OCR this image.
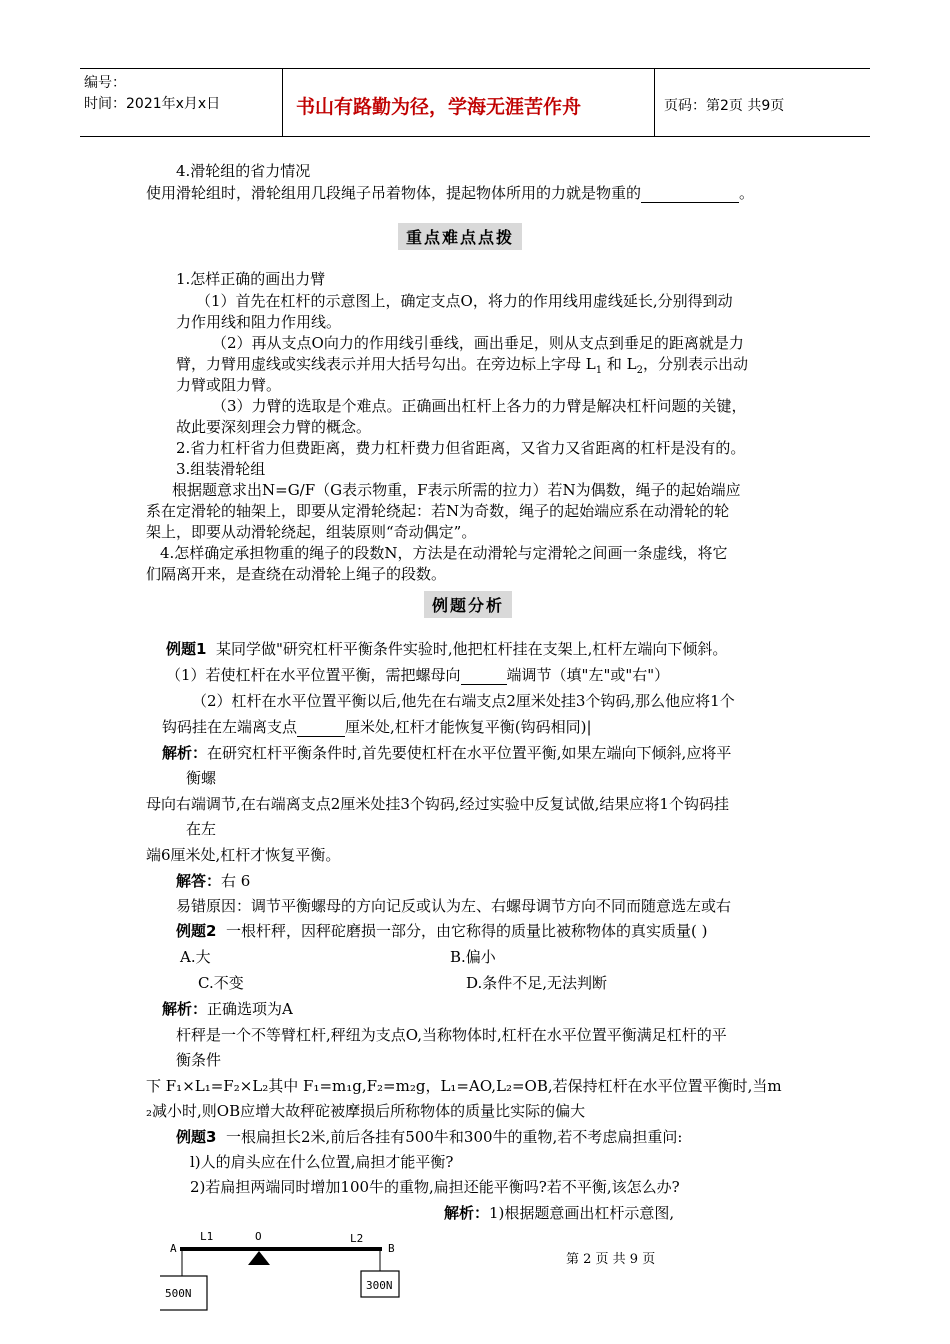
编号：
时间：2021年x月x日	书山有路勤为径，学海无涯苦作舟	页码：第2页 共9页
4.滑轮组的省力情况
使用滑轮组时，滑轮组用几段绳子吊着物体，提起物体所用的力就是物重的	。
重点难点点拨
1.怎样正确的画出力臂
（1）首先在杠杆的示意图上，确定支点O，将力的作用线用虚线延长,分别得到动
力作用线和阻力作用线。
（2）再从支点O向力的作用线引垂线，画出垂足，则从支点到垂足的距离就是力
臂，力臂用虚线或实线表示并用大括号勾出。在旁边标上字母 $L_1$ 和 $L_2$，分别表示出动
力臂或阻力臂。
（3）力臂的选取是个难点。正确画出杠杆上各力的力臂是解决杠杆问题的关键，
故此要深刻理会力臂的概念。
2.省力杠杆省力但费距离，费力杠杆费力但省距离，又省力又省距离的杠杆是没有的。
3.组装滑轮组
根据题意求出N=G/F（G表示物重，F表示所需的拉力）若N为偶数，绳子的起始端应
系在定滑轮的轴架上，即要从定滑轮绕起：若N为奇数，绳子的起始端应系在动滑轮的轮
架上，即要从动滑轮绕起，组装原则“奇动偶定”。
4.怎样确定承担物重的绳子的段数N，方法是在动滑轮与定滑轮之间画一条虚线，将它
们隔离开来，是查绕在动滑轮上绳子的段数。
例题分析
例题1 某同学做"研究杠杆平衡条件实验时,他把杠杆挂在支架上,杠杆左端向下倾斜。
（1）若使杠杆在水平位置平衡，需把螺母向	端调节（填"左"或"右"）
（2）杠杆在水平位置平衡以后,他先在右端支点2厘米处挂3个钩码,那么他应将1个
钩码挂在左端离支点	厘米处,杠杆才能恢复平衡(钩码相同)|
解析：在研究杠杆平衡条件时,首先要使杠杆在水平位置平衡,如果左端向下倾斜,应将平
衡螺
母向右端调节,在右端离支点2厘米处挂3个钩码,经过实验中反复试做,结果应将1个钩码挂
在左
端6厘米处,杠杆才恢复平衡。
解答：右 6
易错原因：调节平衡螺母的方向记反或认为左、右螺母调节方向不同而随意选左或右
例题2 一根杆秤，因秤砣磨损一部分，由它称得的质量比被称物体的真实质量( )
A.大	B.偏小
C.不变	D.条件不足,无法判断
解析：正确选项为A
杆秤是一个不等臂杠杆,秤纽为支点O,当称物体时,杠杆在水平位置平衡满足杠杆的平
衡条件
下 F₁×L₁=F₂×L₂其中 F₁=m₁g,F₂=m₂g，L₁=AO,L₂=OB,若保持杠杆在水平位置平衡时,当m
₂减小时,则OB应增大故秤砣被摩损后所称物体的质量比实际的偏大
例题3 一根扁担长2米,前后各挂有500牛和300牛的重物,若不考虑扁担重问:
l)人的肩头应在什么位置,扁担才能平衡?
2)若扁担两端同时增加100牛的重物,扁担还能平衡吗?若不平衡,该怎么办?
解析：1)根据题意画出杠杆示意图,
A	B
O
L1	L2
500N
300N
第 2 页 共 9 页
